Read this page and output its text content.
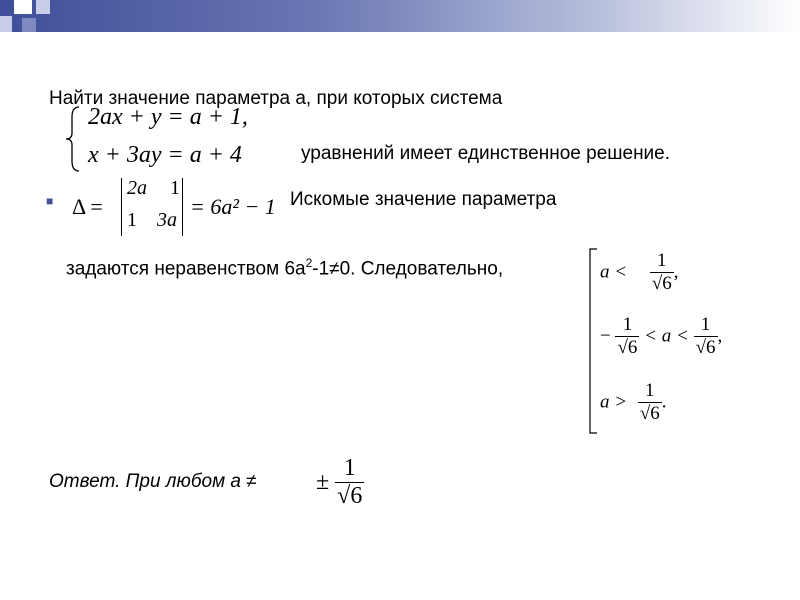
Найти значение параметра а, при которых система
2ax + y = a + 1,
x + 3ay = a + 4	уравнений имеет единственное решение.
■ Δ =
2a 1
1 3a
= 6a² − 1 Искомые значение параметра
задаются неравенством $6а^2-1\ne 0$. Следовательно,	$a < \frac{1}{√6}$ ,
− $\frac{1}{√6} < a < \frac{1}{√6}$ ,
$a > \frac{1}{√6}$ .
Ответ. При любом а ≠ ± $\frac{1}{√6}$
